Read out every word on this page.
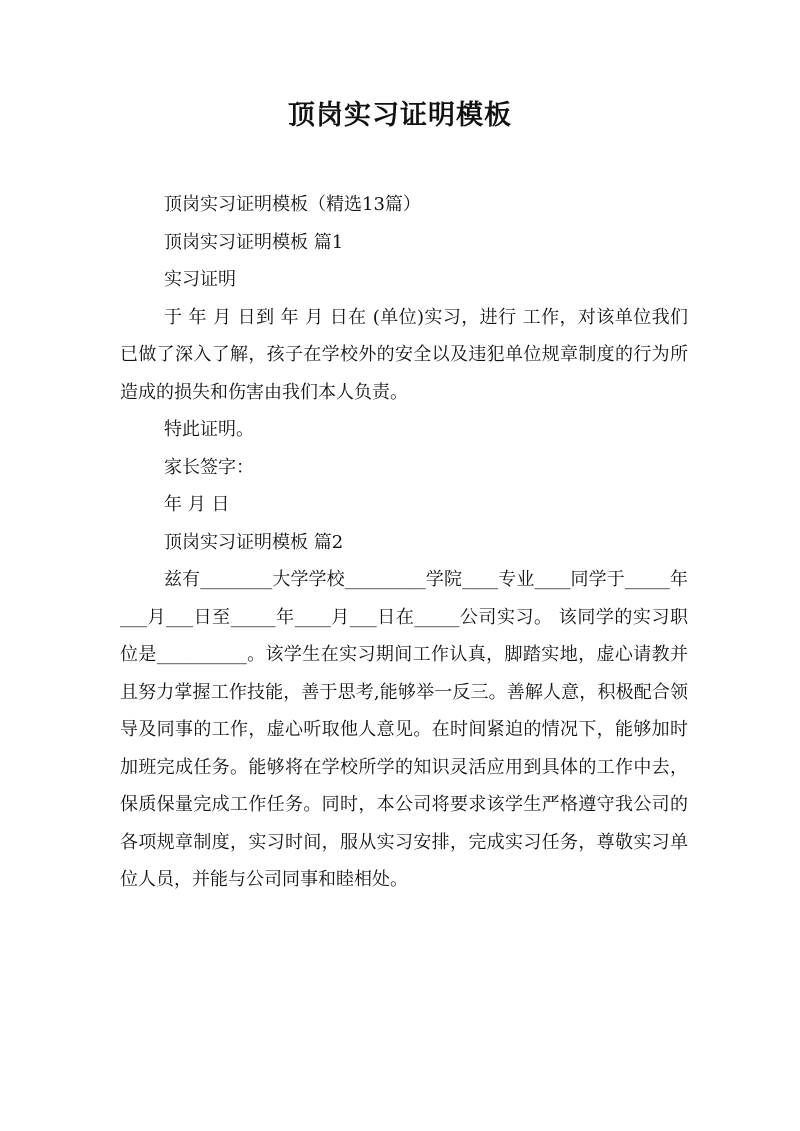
顶岗实习证明模板

顶岗实习证明模板（精选13篇）

顶岗实习证明模板 篇1

实习证明

于 年 月 日到 年 月 日在 (单位)实习，进行 工作，对该单位我们已做了深入了解，孩子在学校外的安全以及违犯单位规章制度的行为所造成的损失和伤害由我们本人负责。

特此证明。

家长签字：

年 月 日

顶岗实习证明模板 篇2

兹有________大学学校_________学院____专业____同学于_____年___月___日至_____年____月___日在_____公司实习。 该同学的实习职位是__________。该学生在实习期间工作认真，脚踏实地，虚心请教并且努力掌握工作技能，善于思考,能够举一反三。善解人意，积极配合领导及同事的工作，虚心听取他人意见。在时间紧迫的情况下，能够加时加班完成任务。能够将在学校所学的知识灵活应用到具体的工作中去，保质保量完成工作任务。同时，本公司将要求该学生严格遵守我公司的各项规章制度，实习时间，服从实习安排，完成实习任务，尊敬实习单位人员，并能与公司同事和睦相处。
